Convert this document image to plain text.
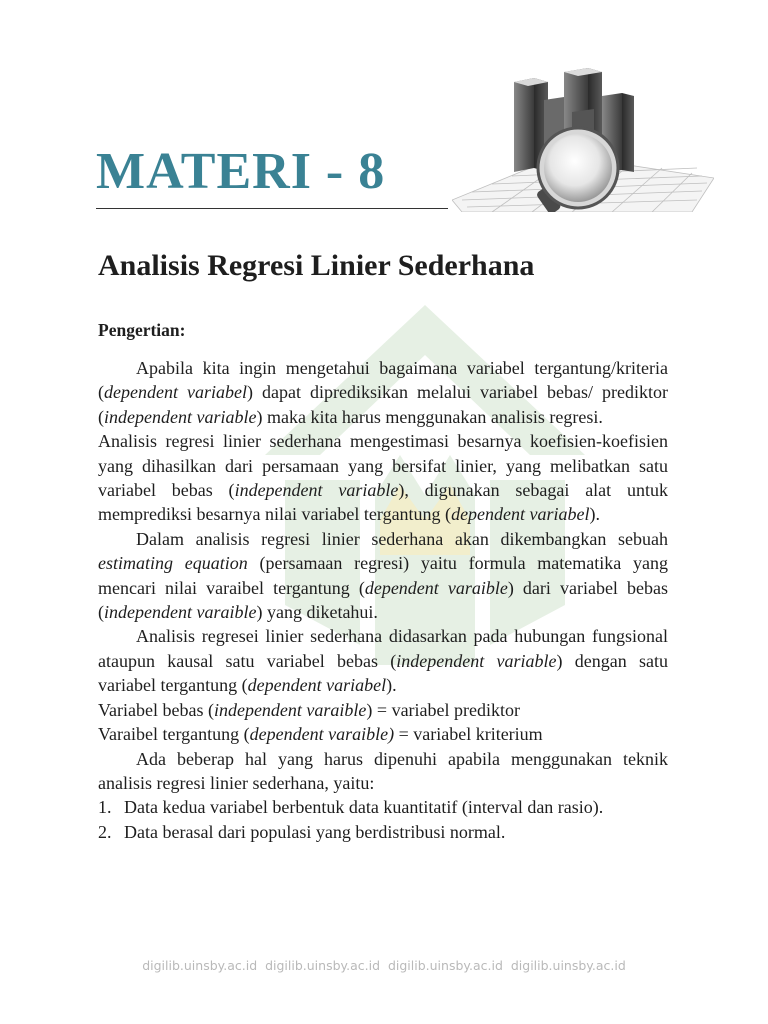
MATERI - 8
Analisis Regresi Linier Sederhana
Pengertian:

Apabila kita ingin mengetahui bagaimana variabel tergantung/kriteria (dependent variabel) dapat diprediksikan melalui variabel bebas/ prediktor (independent variable) maka kita harus menggunakan analisis regresi.

Analisis regresi linier sederhana mengestimasi besarnya koefisien-koefisien yang dihasilkan dari persamaan yang bersifat linier, yang melibatkan satu variabel bebas (independent variable), digunakan sebagai alat untuk memprediksi besarnya nilai variabel tergantung (dependent variabel).

Dalam analisis regresi linier sederhana akan dikembangkan sebuah estimating equation (persamaan regresi) yaitu formula matematika yang mencari nilai varaibel tergantung (dependent varaible) dari variabel bebas (independent varaible) yang diketahui.

Analisis regresei linier sederhana didasarkan pada hubungan fungsional ataupun kausal satu variabel bebas (independent variable) dengan satu variabel tergantung (dependent variabel).

Variabel bebas (independent varaible) = variabel prediktor

Varaibel tergantung (dependent varaible) = variabel kriterium

Ada beberap hal yang harus dipenuhi apabila menggunakan teknik analisis regresi linier sederhana, yaitu:

1. Data kedua variabel berbentuk data kuantitatif (interval dan rasio).
2. Data berasal dari populasi yang berdistribusi normal.
digilib.uinsby.ac.id  digilib.uinsby.ac.id  digilib.uinsby.ac.id  digilib.uinsby.ac.id
